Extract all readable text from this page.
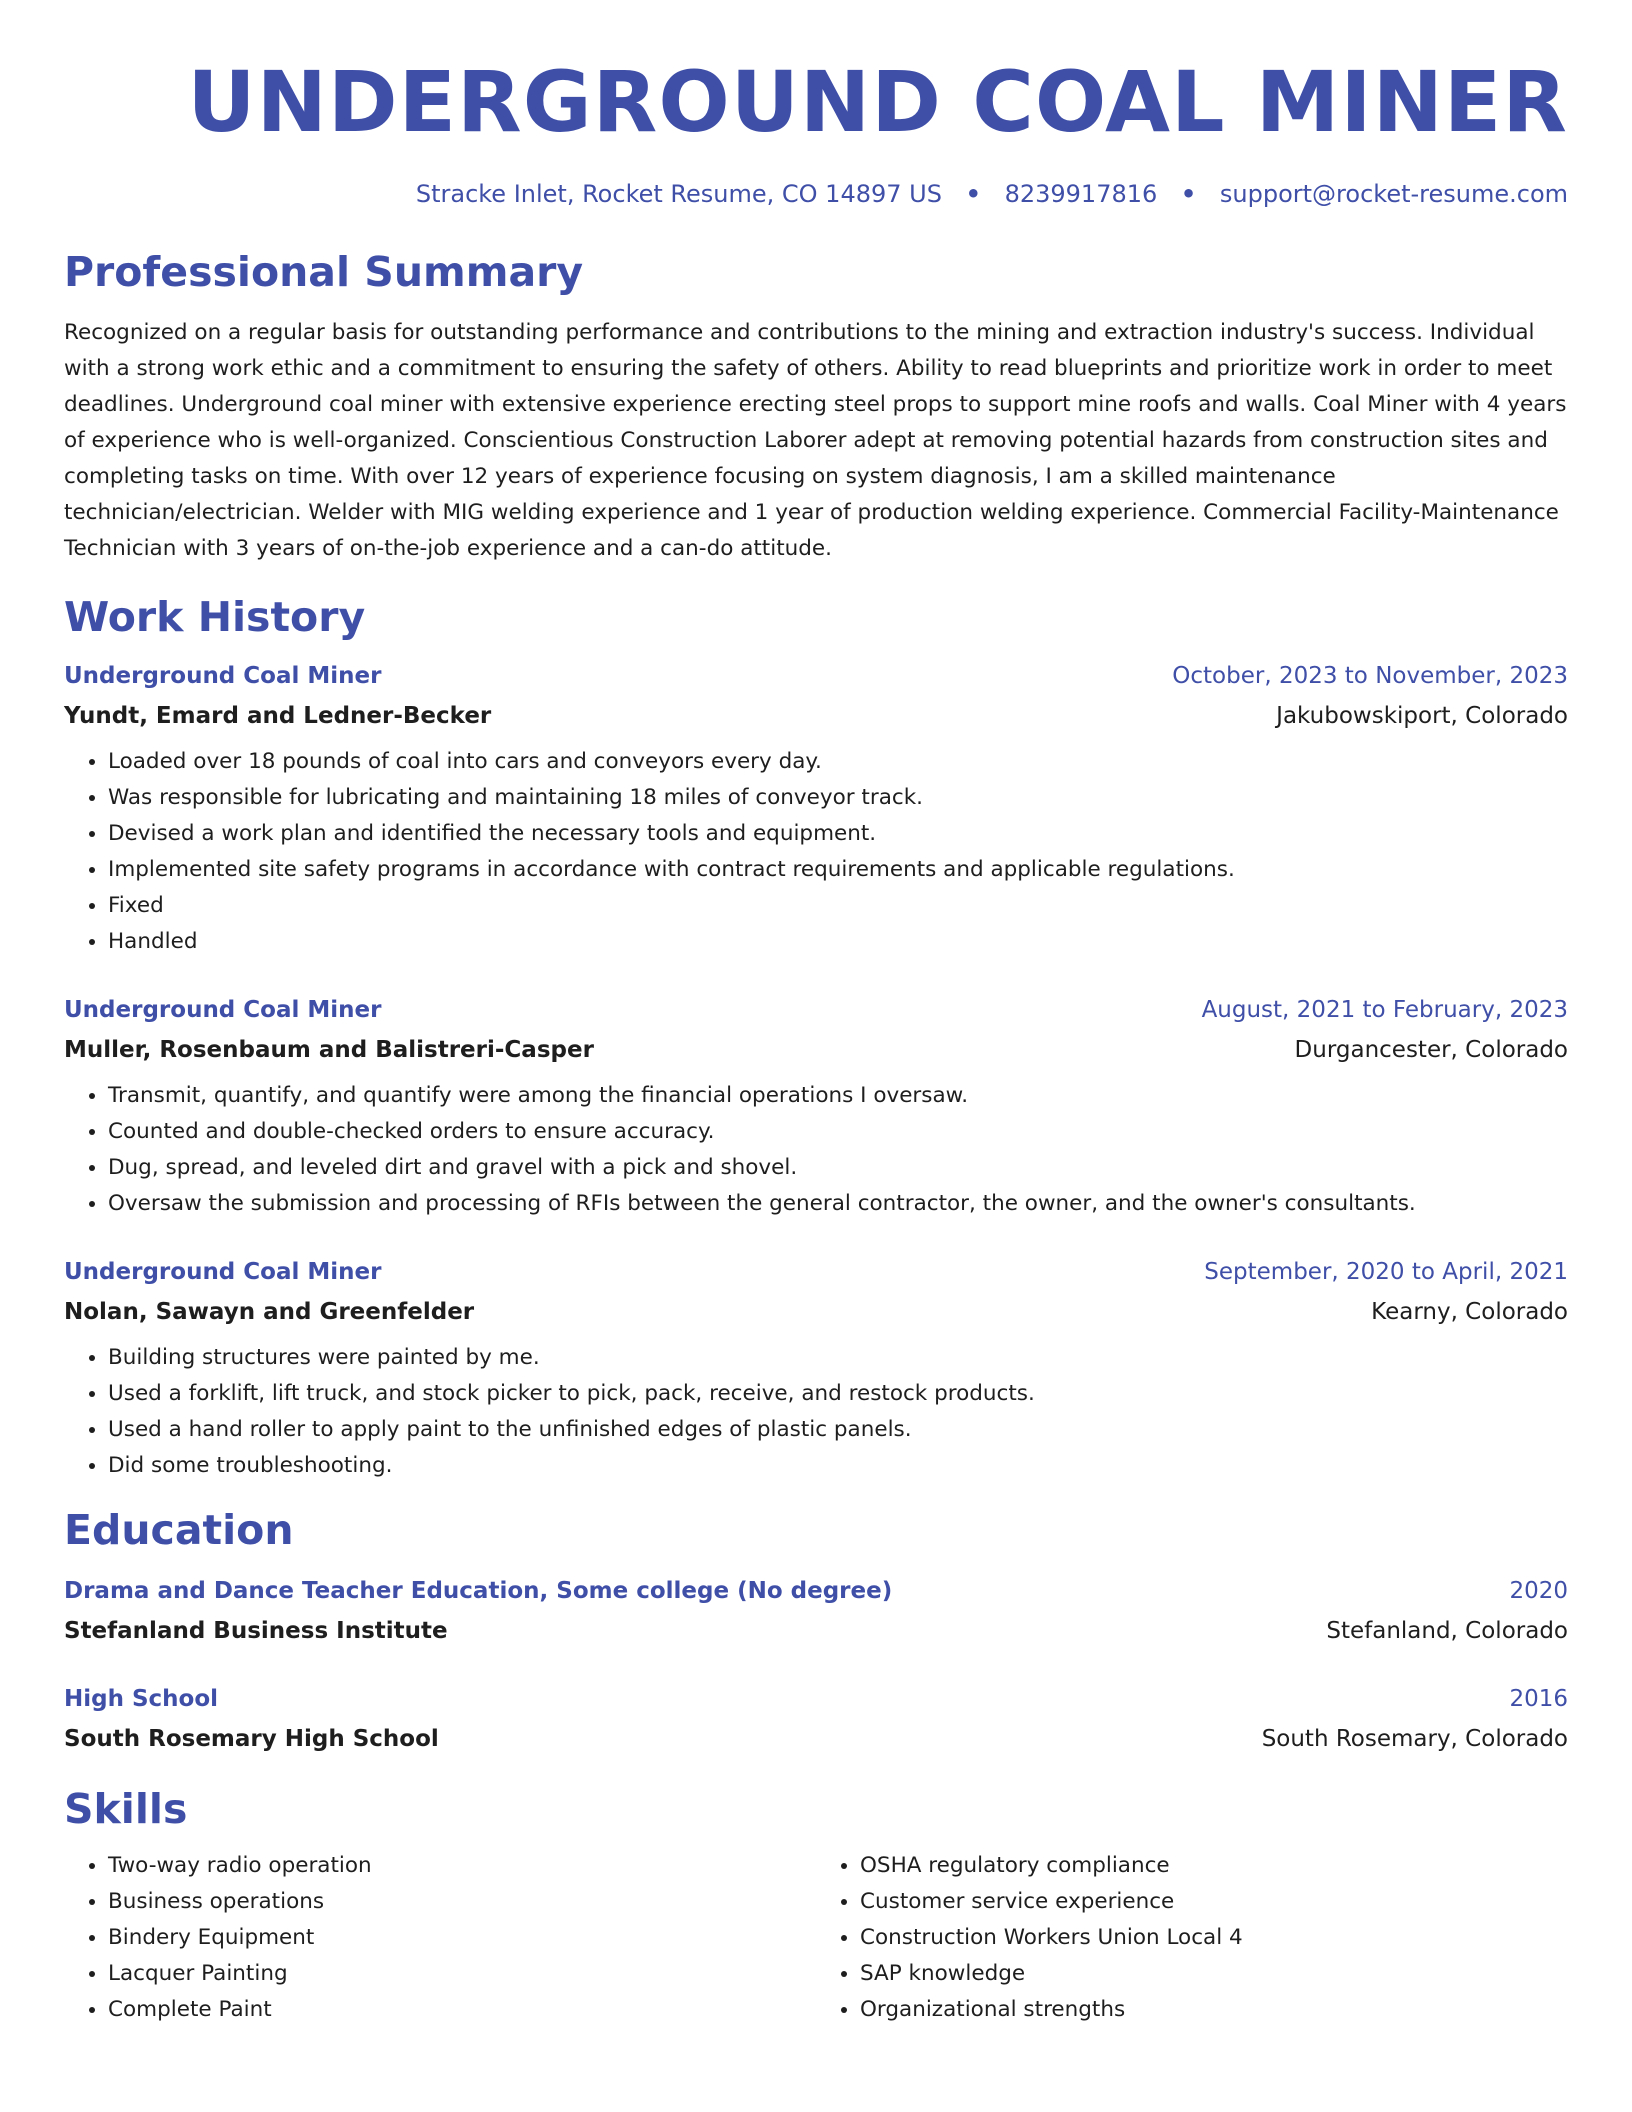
UNDERGROUND COAL MINER
Stracke Inlet, Rocket Resume, CO 14897 US • 8239917816 • support@rocket-resume.com
Professional Summary

Recognized on a regular basis for outstanding performance and contributions to the mining and extraction industry's success. Individual with a strong work ethic and a commitment to ensuring the safety of others. Ability to read blueprints and prioritize work in order to meet deadlines. Underground coal miner with extensive experience erecting steel props to support mine roofs and walls. Coal Miner with 4 years of experience who is well-organized. Conscientious Construction Laborer adept at removing potential hazards from construction sites and completing tasks on time. With over 12 years of experience focusing on system diagnosis, I am a skilled maintenance technician/electrician. Welder with MIG welding experience and 1 year of production welding experience. Commercial Facility-Maintenance Technician with 3 years of on-the-job experience and a can-do attitude.

Work History
Underground Coal Miner	October, 2023 to November, 2023
Yundt, Emard and Ledner-Becker	Jakubowskiport, Colorado
• Loaded over 18 pounds of coal into cars and conveyors every day.
• Was responsible for lubricating and maintaining 18 miles of conveyor track.
• Devised a work plan and identified the necessary tools and equipment.
• Implemented site safety programs in accordance with contract requirements and applicable regulations.
• Fixed
• Handled
Underground Coal Miner	August, 2021 to February, 2023
Muller, Rosenbaum and Balistreri-Casper	Durgancester, Colorado
• Transmit, quantify, and quantify were among the financial operations I oversaw.
• Counted and double-checked orders to ensure accuracy.
• Dug, spread, and leveled dirt and gravel with a pick and shovel.
• Oversaw the submission and processing of RFIs between the general contractor, the owner, and the owner's consultants.
Underground Coal Miner	September, 2020 to April, 2021
Nolan, Sawayn and Greenfelder	Kearny, Colorado
• Building structures were painted by me.
• Used a forklift, lift truck, and stock picker to pick, pack, receive, and restock products.
• Used a hand roller to apply paint to the unfinished edges of plastic panels.
• Did some troubleshooting.
Education
Drama and Dance Teacher Education, Some college (No degree)	2020
Stefanland Business Institute	Stefanland, Colorado
High School	2016
South Rosemary High School	South Rosemary, Colorado
Skills
• Two-way radio operation
• Business operations
• Bindery Equipment
• Lacquer Painting
• Complete Paint
• OSHA regulatory compliance
• Customer service experience
• Construction Workers Union Local 4
• SAP knowledge
• Organizational strengths
